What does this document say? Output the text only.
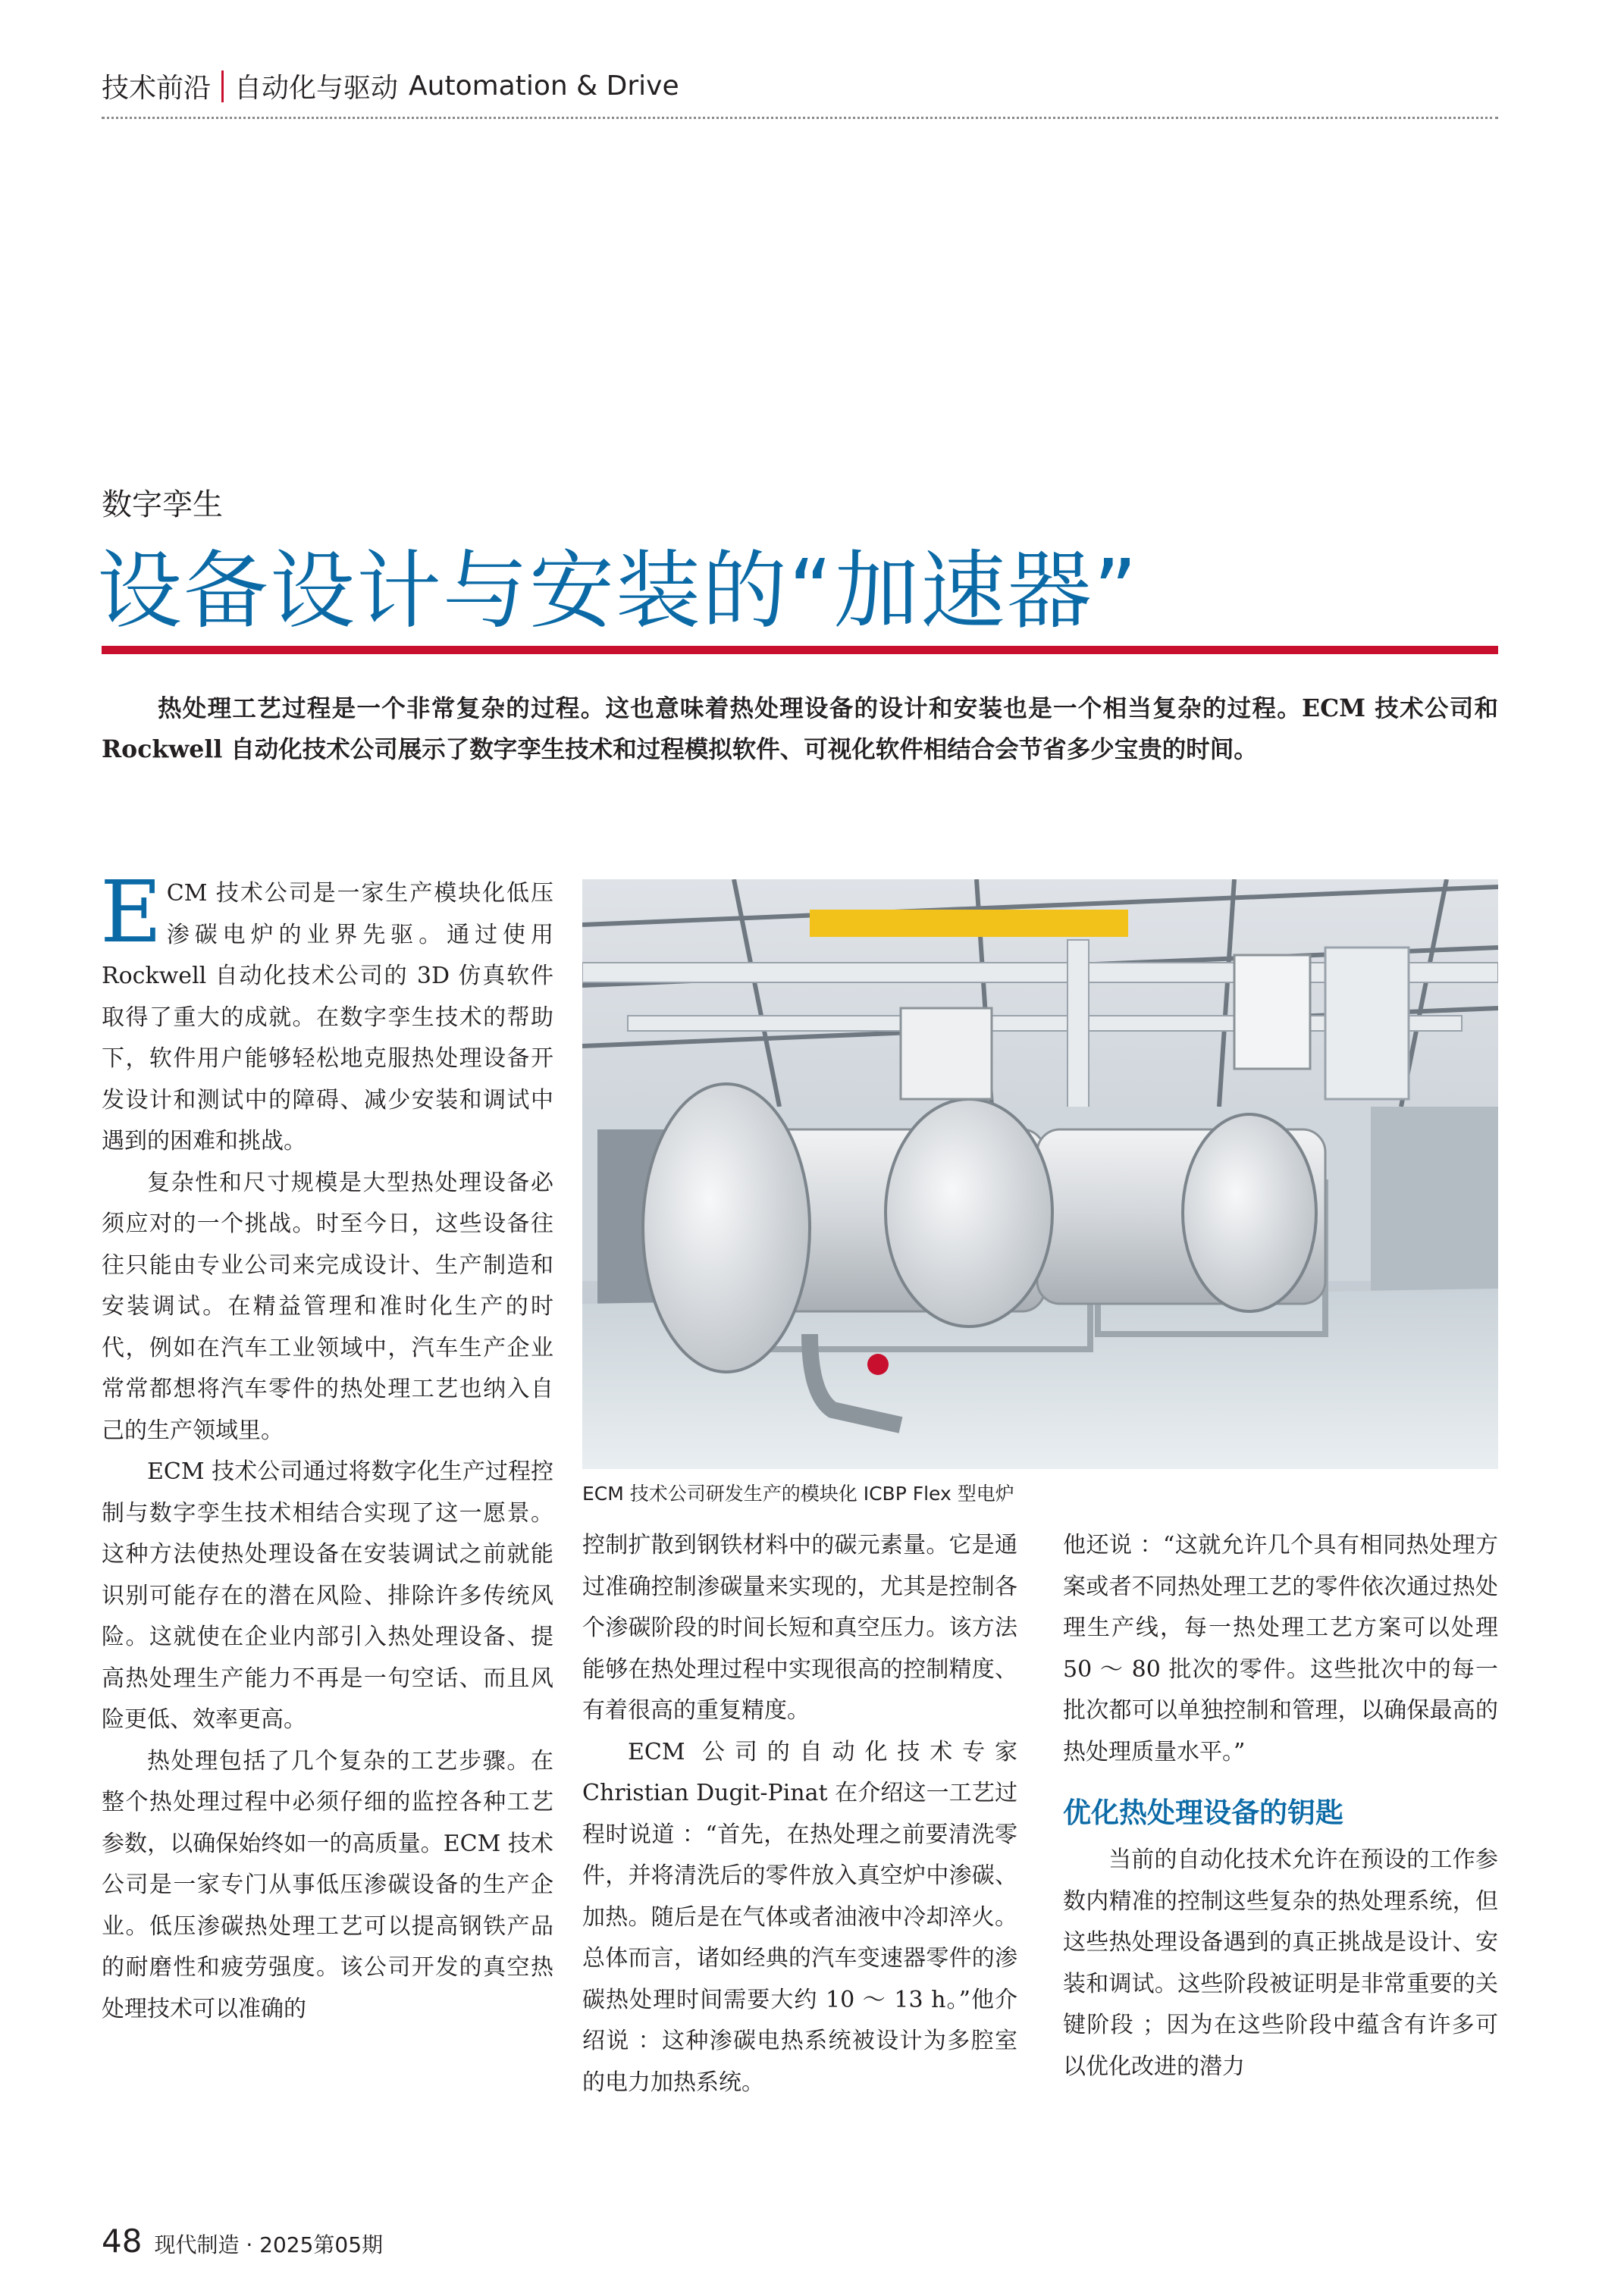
技术前沿 自动化与驱动 Automation & Drive
数字孪生
设备设计与安装的“加速器”

热处理工艺过程是一个非常复杂的过程。这也意味着热处理设备的设计和安装也是一个相当复杂的过程。ECM 技术公司和 Rockwell 自动化技术公司展示了数字孪生技术和过程模拟软件、可视化软件相结合会节省多少宝贵的时间。

ECM 技术公司是一家生产模块化低压渗碳电炉的业界先驱。通过使用 Rockwell 自动化技术公司的 3D 仿真软件取得了重大的成就。在数字孪生技术的帮助下，软件用户能够轻松地克服热处理设备开发设计和测试中的障碍、减少安装和调试中遇到的困难和挑战。

复杂性和尺寸规模是大型热处理设备必须应对的一个挑战。时至今日，这些设备往往只能由专业公司来完成设计、生产制造和安装调试。在精益管理和准时化生产的时代，例如在汽车工业领域中，汽车生产企业常常都想将汽车零件的热处理工艺也纳入自己的生产领域里。

ECM 技术公司通过将数字化生产过程控制与数字孪生技术相结合实现了这一愿景。这种方法使热处理设备在安装调试之前就能识别可能存在的潜在风险、排除许多传统风险。这就使在企业内部引入热处理设备、提高热处理生产能力不再是一句空话、而且风险更低、效率更高。

热处理包括了几个复杂的工艺步骤。在整个热处理过程中必须仔细的监控各种工艺参数，以确保始终如一的高质量。ECM 技术公司是一家专门从事低压渗碳设备的生产企业。低压渗碳热处理工艺可以提高钢铁产品的耐磨性和疲劳强度。该公司开发的真空热处理技术可以准确的

ECM 技术公司研发生产的模块化 ICBP Flex 型电炉

控制扩散到钢铁材料中的碳元素量。它是通过准确控制渗碳量来实现的，尤其是控制各个渗碳阶段的时间长短和真空压力。该方法能够在热处理过程中实现很高的控制精度、有着很高的重复精度。

ECM 公司的自动化技术专家 Christian Dugit-Pinat 在介绍这一工艺过程时说道 ：“首先，在热处理之前要清洗零件，并将清洗后的零件放入真空炉中渗碳、加热。随后是在气体或者油液中冷却淬火。总体而言，诸如经典的汽车变速器零件的渗碳热处理时间需要大约 10 ～ 13 h。”他介绍说 ：这种渗碳电热系统被设计为多腔室的电力加热系统。

他还说 ：“这就允许几个具有相同热处理方案或者不同热处理工艺的零件依次通过热处理生产线，每一热处理工艺方案可以处理 50 ～ 80 批次的零件。这些批次中的每一批次都可以单独控制和管理，以确保最高的热处理质量水平。”

优化热处理设备的钥匙

当前的自动化技术允许在预设的工作参数内精准的控制这些复杂的热处理系统，但这些热处理设备遇到的真正挑战是设计、安装和调试。这些阶段被证明是非常重要的关键阶段 ；因为在这些阶段中蕴含有许多可以优化改进的潜力

48 现代制造 · 2025第05期
